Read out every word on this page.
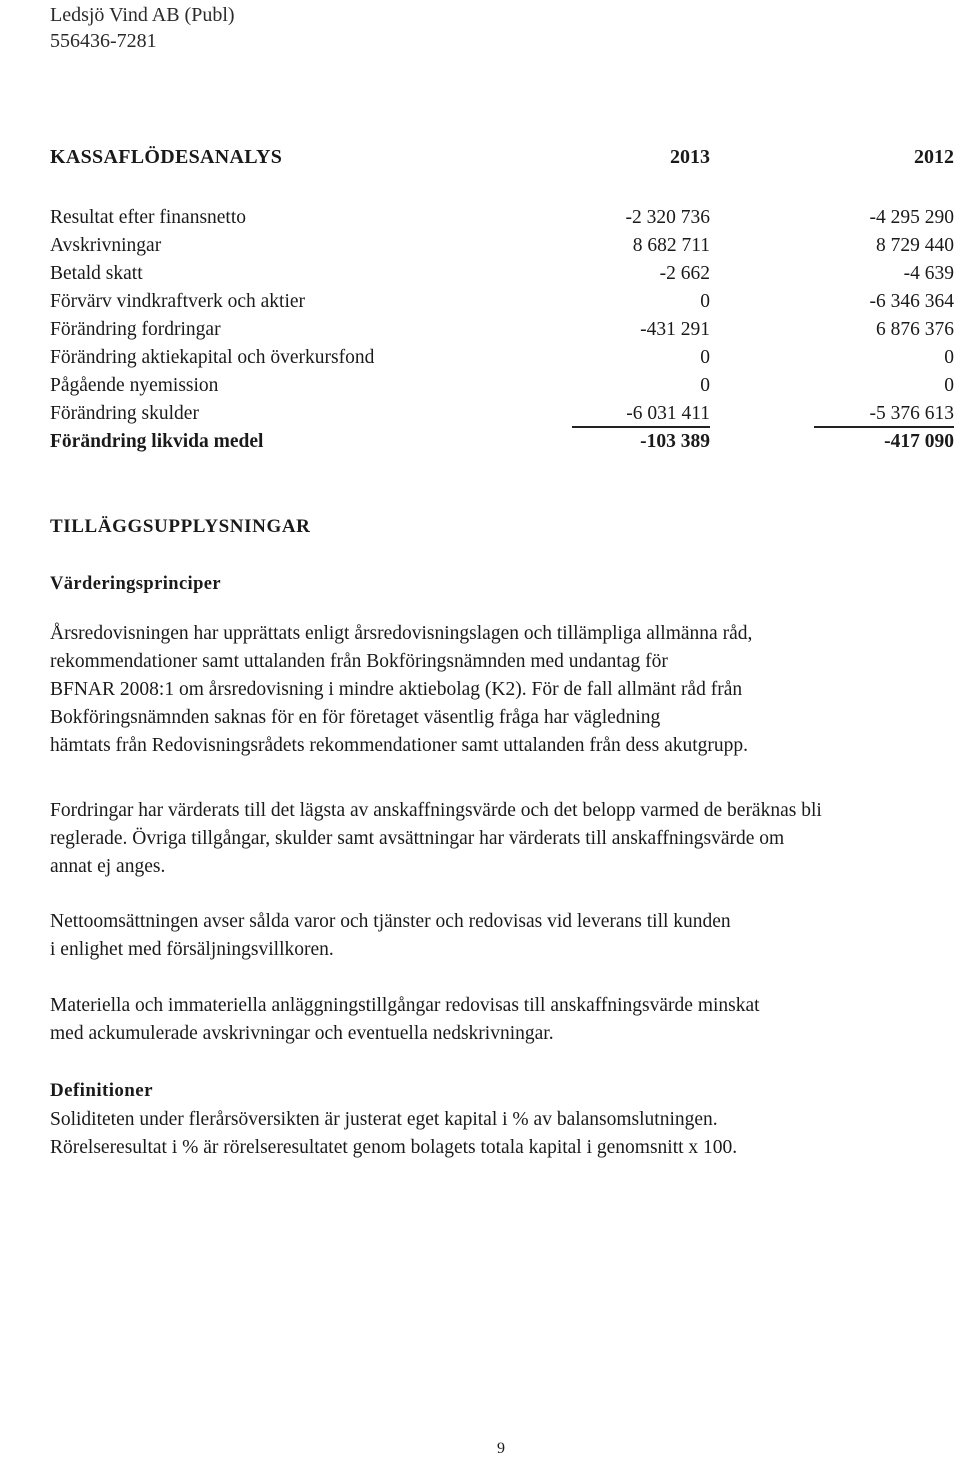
Ledsjö Vind AB (Publ)
556436-7281
KASSAFLÖDESANALYS	2013	2012
Resultat efter finansnetto	-2 320 736	-4 295 290
Avskrivningar	8 682 711	8 729 440
Betald skatt	-2 662	-4 639
Förvärv vindkraftverk och aktier	0	-6 346 364
Förändring fordringar	-431 291	6 876 376
Förändring aktiekapital och överkursfond	0	0
Pågående nyemission	0	0
Förändring skulder	-6 031 411	-5 376 613
Förändring likvida medel	-103 389	-417 090
TILLÄGGSUPPLYSNINGAR
Värderingsprinciper
Årsredovisningen har upprättats enligt årsredovisningslagen och tillämpliga allmänna råd,
rekommendationer samt uttalanden från Bokföringsnämnden med undantag för
BFNAR 2008:1 om årsredovisning i mindre aktiebolag (K2). För de fall allmänt råd från
Bokföringsnämnden saknas för en för företaget väsentlig fråga har vägledning
hämtats från Redovisningsrådets rekommendationer samt uttalanden från dess akutgrupp.
Fordringar har värderats till det lägsta av anskaffningsvärde och det belopp varmed de beräknas bli
reglerade. Övriga tillgångar, skulder samt avsättningar har värderats till anskaffningsvärde om
annat ej anges.
Nettoomsättningen avser sålda varor och tjänster och redovisas vid leverans till kunden
i enlighet med försäljningsvillkoren.
Materiella och immateriella anläggningstillgångar redovisas till anskaffningsvärde minskat
med ackumulerade avskrivningar och eventuella nedskrivningar.
Definitioner
Soliditeten under flerårsöversikten är justerat eget kapital i % av balansomslutningen.
Rörelseresultat i % är rörelseresultatet genom bolagets totala kapital i genomsnitt x 100.
9
